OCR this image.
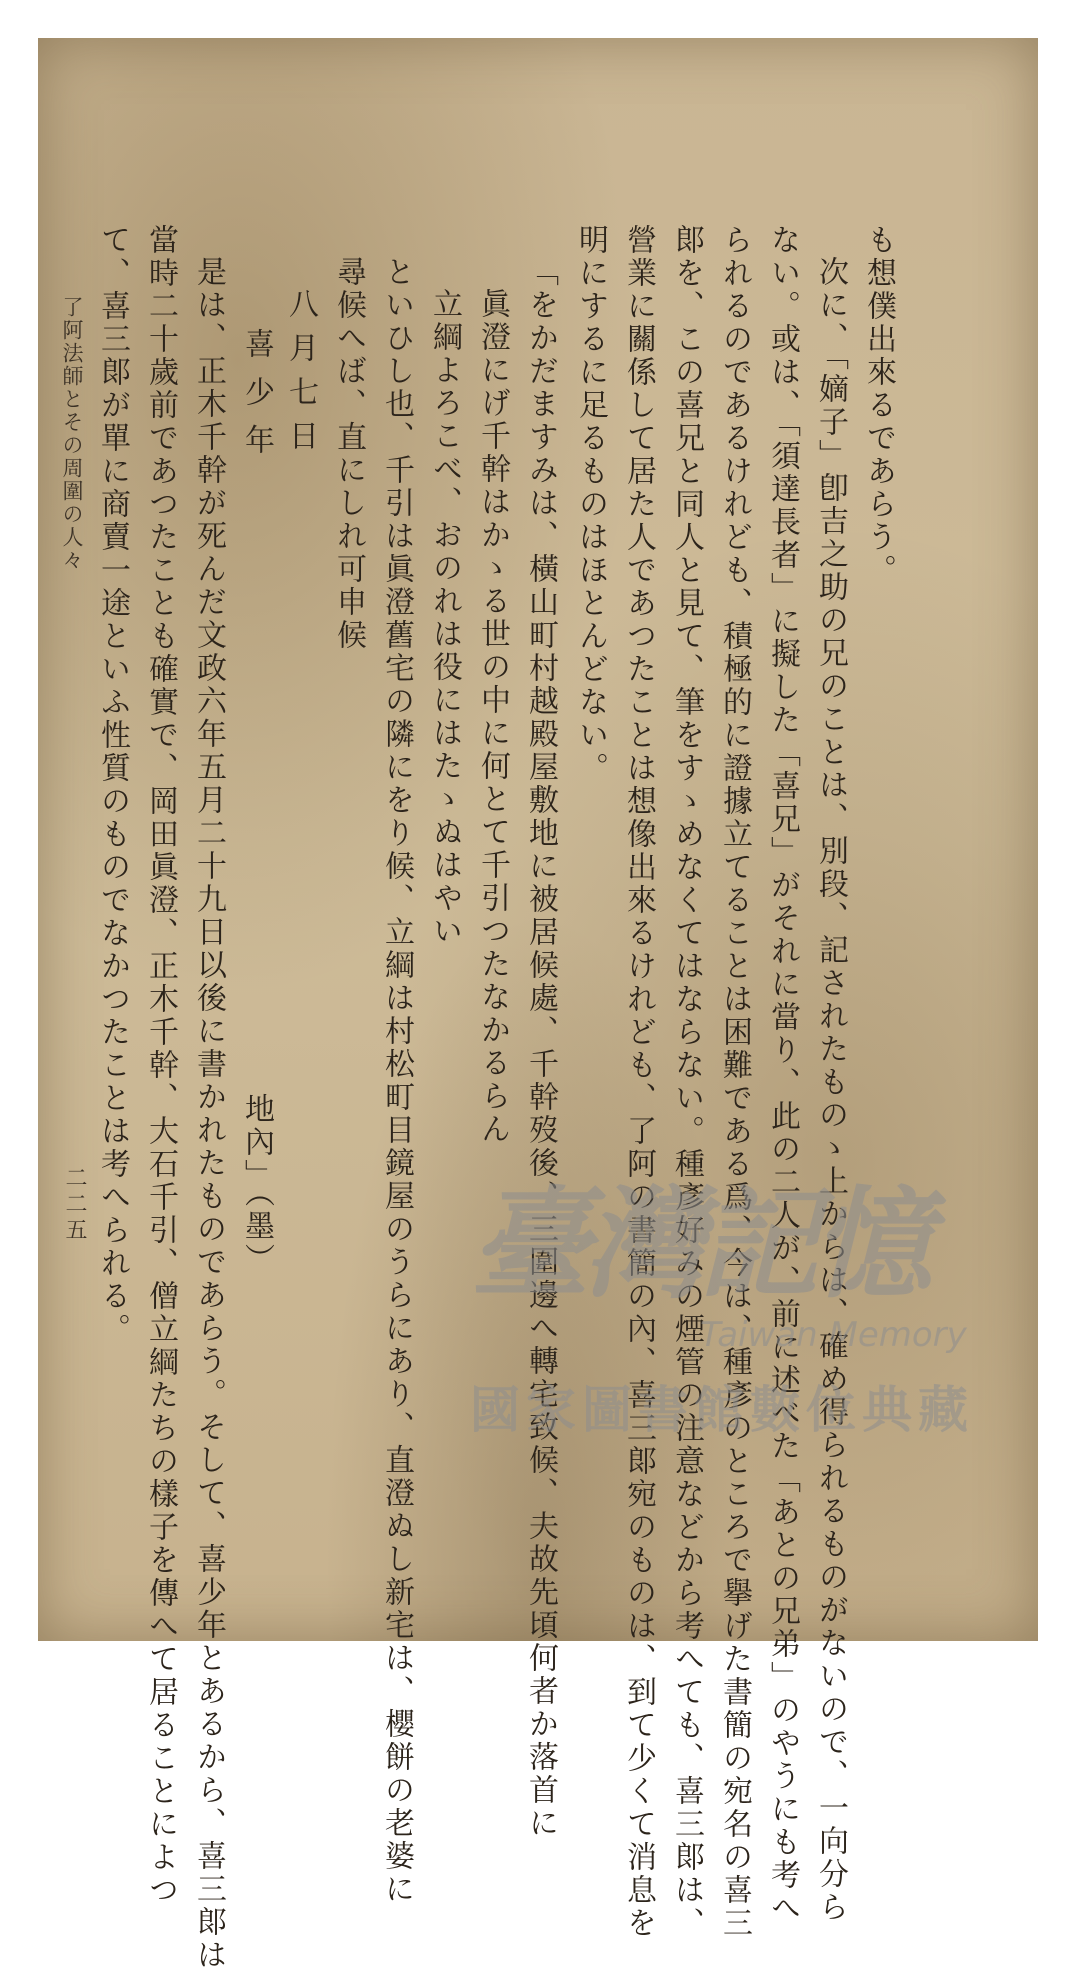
も想僕出來るであらう。
次に、「嫡子」卽吉之助の兄のことは、別段、記されたものゝ上からは、確め得られるものがないので、一向分ら
ない。或は、「須達長者」に擬した「喜兄」がそれに當り、此の二人が、前に述べた「あとの兄弟」のやうにも考へ
られるのであるけれども、積極的に證據立てることは困難である爲、今は、種彥のところで擧げた書簡の宛名の喜三
郞を、この喜兄と同人と見て、筆をすゝめなくてはならない。種彥好みの煙管の注意などから考へても、喜三郞は、
營業に關係して居た人であつたことは想像出來るけれども、了阿の書簡の內、喜三郞宛のものは、到て少くて消息を
明にするに足るものはほとんどない。
「をかだますみは、橫山町村越殿屋敷地に被居候處、千幹歿後、三圍邊へ轉宅致候、夫故先頃何者か落首に
眞澄にげ千幹はかゝる世の中に何とて千引つたなかるらん
立綱よろこべ、おのれは役にはたゝぬはやい
といひし也、千引は眞澄舊宅の隣にをり候、立綱は村松町目鏡屋のうらにあり、直澄ぬし新宅は、櫻餅の老婆に
尋候へば、直にしれ可申候
八月七日
喜少年
地內」（墨）
是は、正木千幹が死んだ文政六年五月二十九日以後に書かれたものであらう。そして、喜少年とあるから、喜三郞は
當時二十歲前であつたことも確實で、岡田眞澄、正木千幹、大石千引、僧立綱たちの樣子を傳へて居ることによつ
て、喜三郞が單に商賣一途といふ性質のものでなかつたことは考へられる。
了阿法師とその周圍の人々
二二五	臺灣記憶
Taiwan Memory
國家圖書館數位典藏
